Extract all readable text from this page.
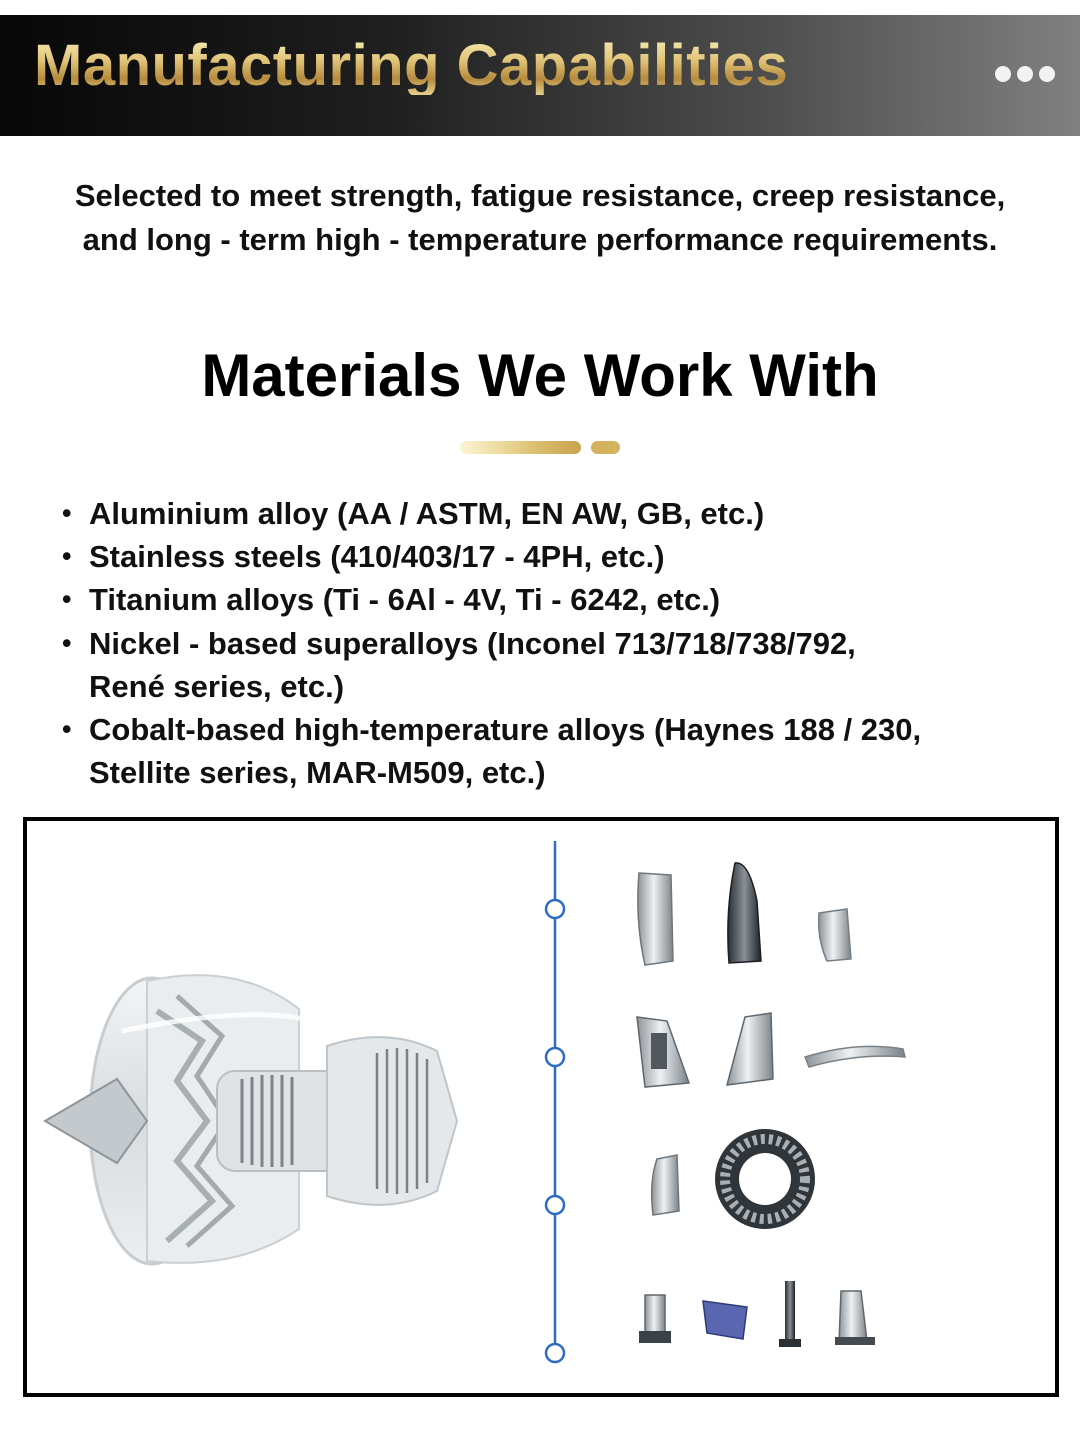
Manufacturing Capabilities
Selected to meet strength, fatigue resistance, creep resistance,
and long - term high - temperature performance requirements.
Materials We Work With
• Aluminium alloy (AA / ASTM, EN AW, GB, etc.)
• Stainless steels (410/403/17 - 4PH, etc.)
• Titanium alloys (Ti - 6Al - 4V, Ti - 6242, etc.)
• Nickel - based superalloys (Inconel 713/718/738/792,
René series, etc.)
• Cobalt-based high-temperature alloys (Haynes 188 / 230,
Stellite series, MAR-M509, etc.)
